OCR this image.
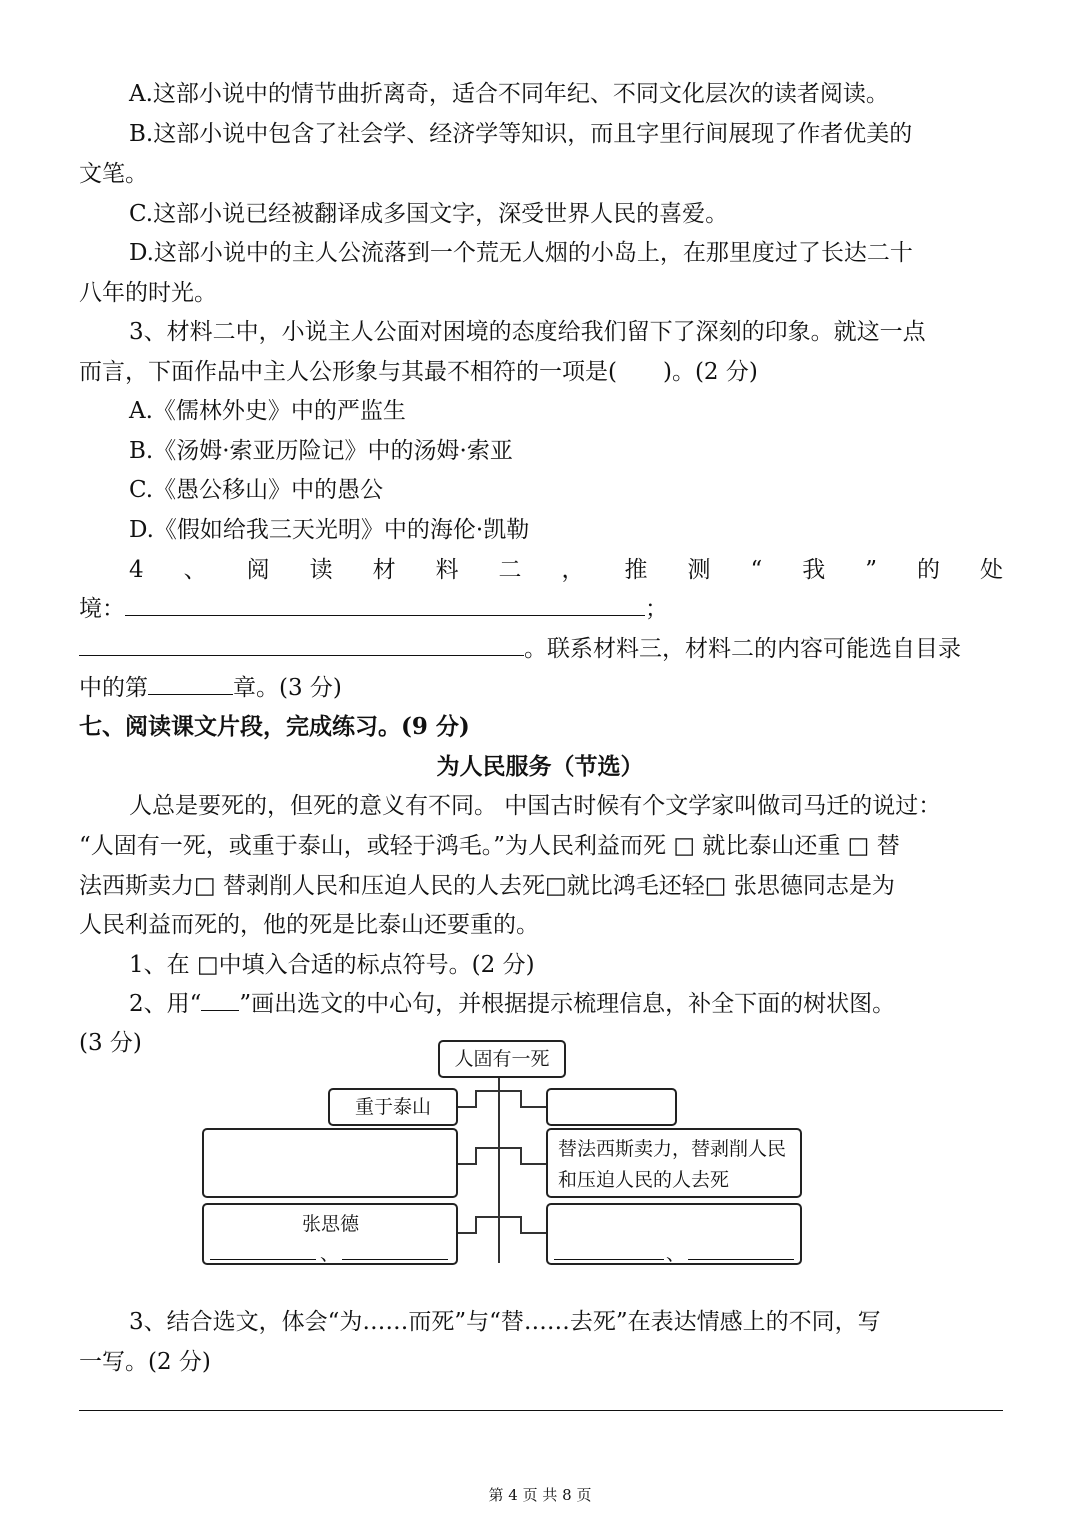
A.这部小说中的情节曲折离奇，适合不同年纪、不同文化层次的读者阅读。
B.这部小说中包含了社会学、经济学等知识，而且字里行间展现了作者优美的
文笔。
C.这部小说已经被翻译成多国文字，深受世界人民的喜爱。
D.这部小说中的主人公流落到一个荒无人烟的小岛上，在那里度过了长达二十
八年的时光。
3、材料二中，小说主人公面对困境的态度给我们留下了深刻的印象。就这一点
而言，下面作品中主人公形象与其最不相符的一项是(　　)。(2 分)
A.《儒林外史》中的严监生
B.《汤姆·索亚历险记》中的汤姆·索亚
C.《愚公移山》中的愚公
D.《假如给我三天光明》中的海伦·凯勒
4 、 阅 读 材 料 二 ， 推 测 “ 我 ” 的 处
境：	；
。联系材料三，材料二的内容可能选自目录
中的第	章。(3 分)
七、阅读课文片段，完成练习。(9 分)
为人民服务（节选）
人总是要死的，但死的意义有不同。 中国古时候有个文学家叫做司马迁的说过：
“人固有一死，或重于泰山，或轻于鸿毛。”为人民利益而死 □ 就比泰山还重 □ 替
法西斯卖力□ 替剥削人民和压迫人民的人去死□就比鸿毛还轻□ 张思德同志是为
人民利益而死的，他的死是比泰山还要重的。
1、在 □中填入合适的标点符号。(2 分)
2、用“ ”画出选文的中心句，并根据提示梳理信息，补全下面的树状图。
(3 分)
人固有一死
重于泰山
替法西斯卖力，替剥削人民
和压迫人民的人去死
张思德
、	、
3、结合选文，体会“为……而死”与“替……去死”在表达情感上的不同，写
一写。(2 分)
第 4 页 共 8 页
